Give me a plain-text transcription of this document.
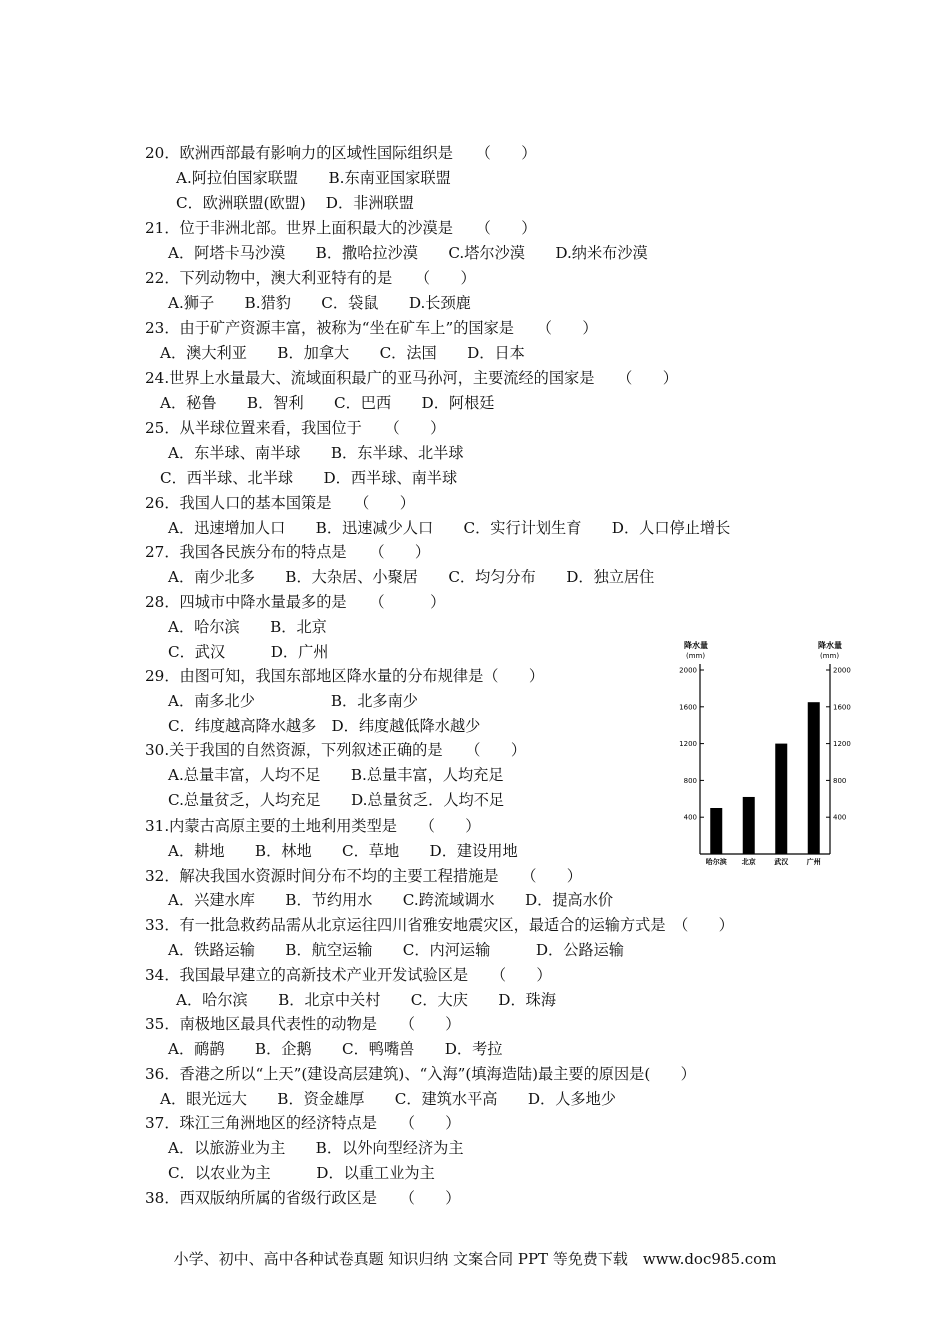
20．欧洲西部最有影响力的区域性国际组织是　　（　　）
A.阿拉伯国家联盟　　B.东南亚国家联盟
C．欧洲联盟(欧盟)　 D．非洲联盟
21．位于非洲北部。世界上面积最大的沙漠是　　（　　）
A．阿塔卡马沙漠　　B．撒哈拉沙漠　　C.塔尔沙漠　　D.纳米布沙漠
22．下列动物中，澳大利亚特有的是　　（　　）
A.狮子　　B.猎豹　　C．袋鼠　　D.长颈鹿
23．由于矿产资源丰富，被称为“坐在矿车上”的国家是　　（　　）
A．澳大利亚　　B．加拿大　　C．法国　　D．日本
24.世界上水量最大、流域面积最广的亚马孙河，主要流经的国家是　　（　　）
A．秘鲁　　B．智利　　C．巴西　　D．阿根廷
25．从半球位置来看，我国位于　　（　　）
A．东半球、南半球　　B．东半球、北半球
C．西半球、北半球　　D．西半球、南半球
26．我国人口的基本国策是　　（　　）
A．迅速增加人口　　B．迅速减少人口　　C．实行计划生育　　D．人口停止增长
27．我国各民族分布的特点是　　（　　）
A．南少北多　　B．大杂居、小聚居　　C．均匀分布　　D．独立居住
28．四城市中降水量最多的是　　（　　　）
A．哈尔滨　　B．北京
C．武汉　　　D．广州
29．由图可知，我国东部地区降水量的分布规律是（　　）
A．南多北少　　　　　B．北多南少
C．纬度越高降水越多　D．纬度越低降水越少
30.关于我国的自然资源，下列叙述正确的是　　（　　）
A.总量丰富，人均不足　　B.总量丰富，人均充足
C.总量贫乏，人均充足　　D.总量贫乏．人均不足
31.内蒙古高原主要的土地利用类型是　　（　　）
A．耕地　　B．林地　　C．草地　　D．建设用地
32．解决我国水资源时间分布不均的主要工程措施是　　（　　）
A．兴建水库　　B．节约用水　　C.跨流域调水　　D．提高水价
33．有一批急救药品需从北京运往四川省雅安地震灾区，最适合的运输方式是　（　　）
A．铁路运输　　B．航空运输　　C．内河运输　　　D．公路运输
34．我国最早建立的高新技术产业开发试验区是　　（　　）
A．哈尔滨　　B．北京中关村　　C．大庆　　D．珠海
35．南极地区最具代表性的动物是　　（　　）
A．鸸鹋　　B．企鹅　　C．鸭嘴兽　　D．考拉
36．香港之所以“上天”(建设高层建筑)、“入海”(填海造陆)最主要的原因是(　　）
A．眼光远大　　B．资金雄厚　　C．建筑水平高　　D．人多地少
37．珠江三角洲地区的经济特点是　　（　　）
A．以旅游业为主　　B．以外向型经济为主
C．以农业为主　　　D．以重工业为主
38．西双版纳所属的省级行政区是　　（　　）
降水量
(mm)
降水量
(mm)
400	400
800	800
1200	1200
1600	1600
2000	2000
哈尔滨 北京	武汉	广州
小学、初中、高中各种试卷真题 知识归纳 文案合同 PPT 等免费下载　www.doc985.com
